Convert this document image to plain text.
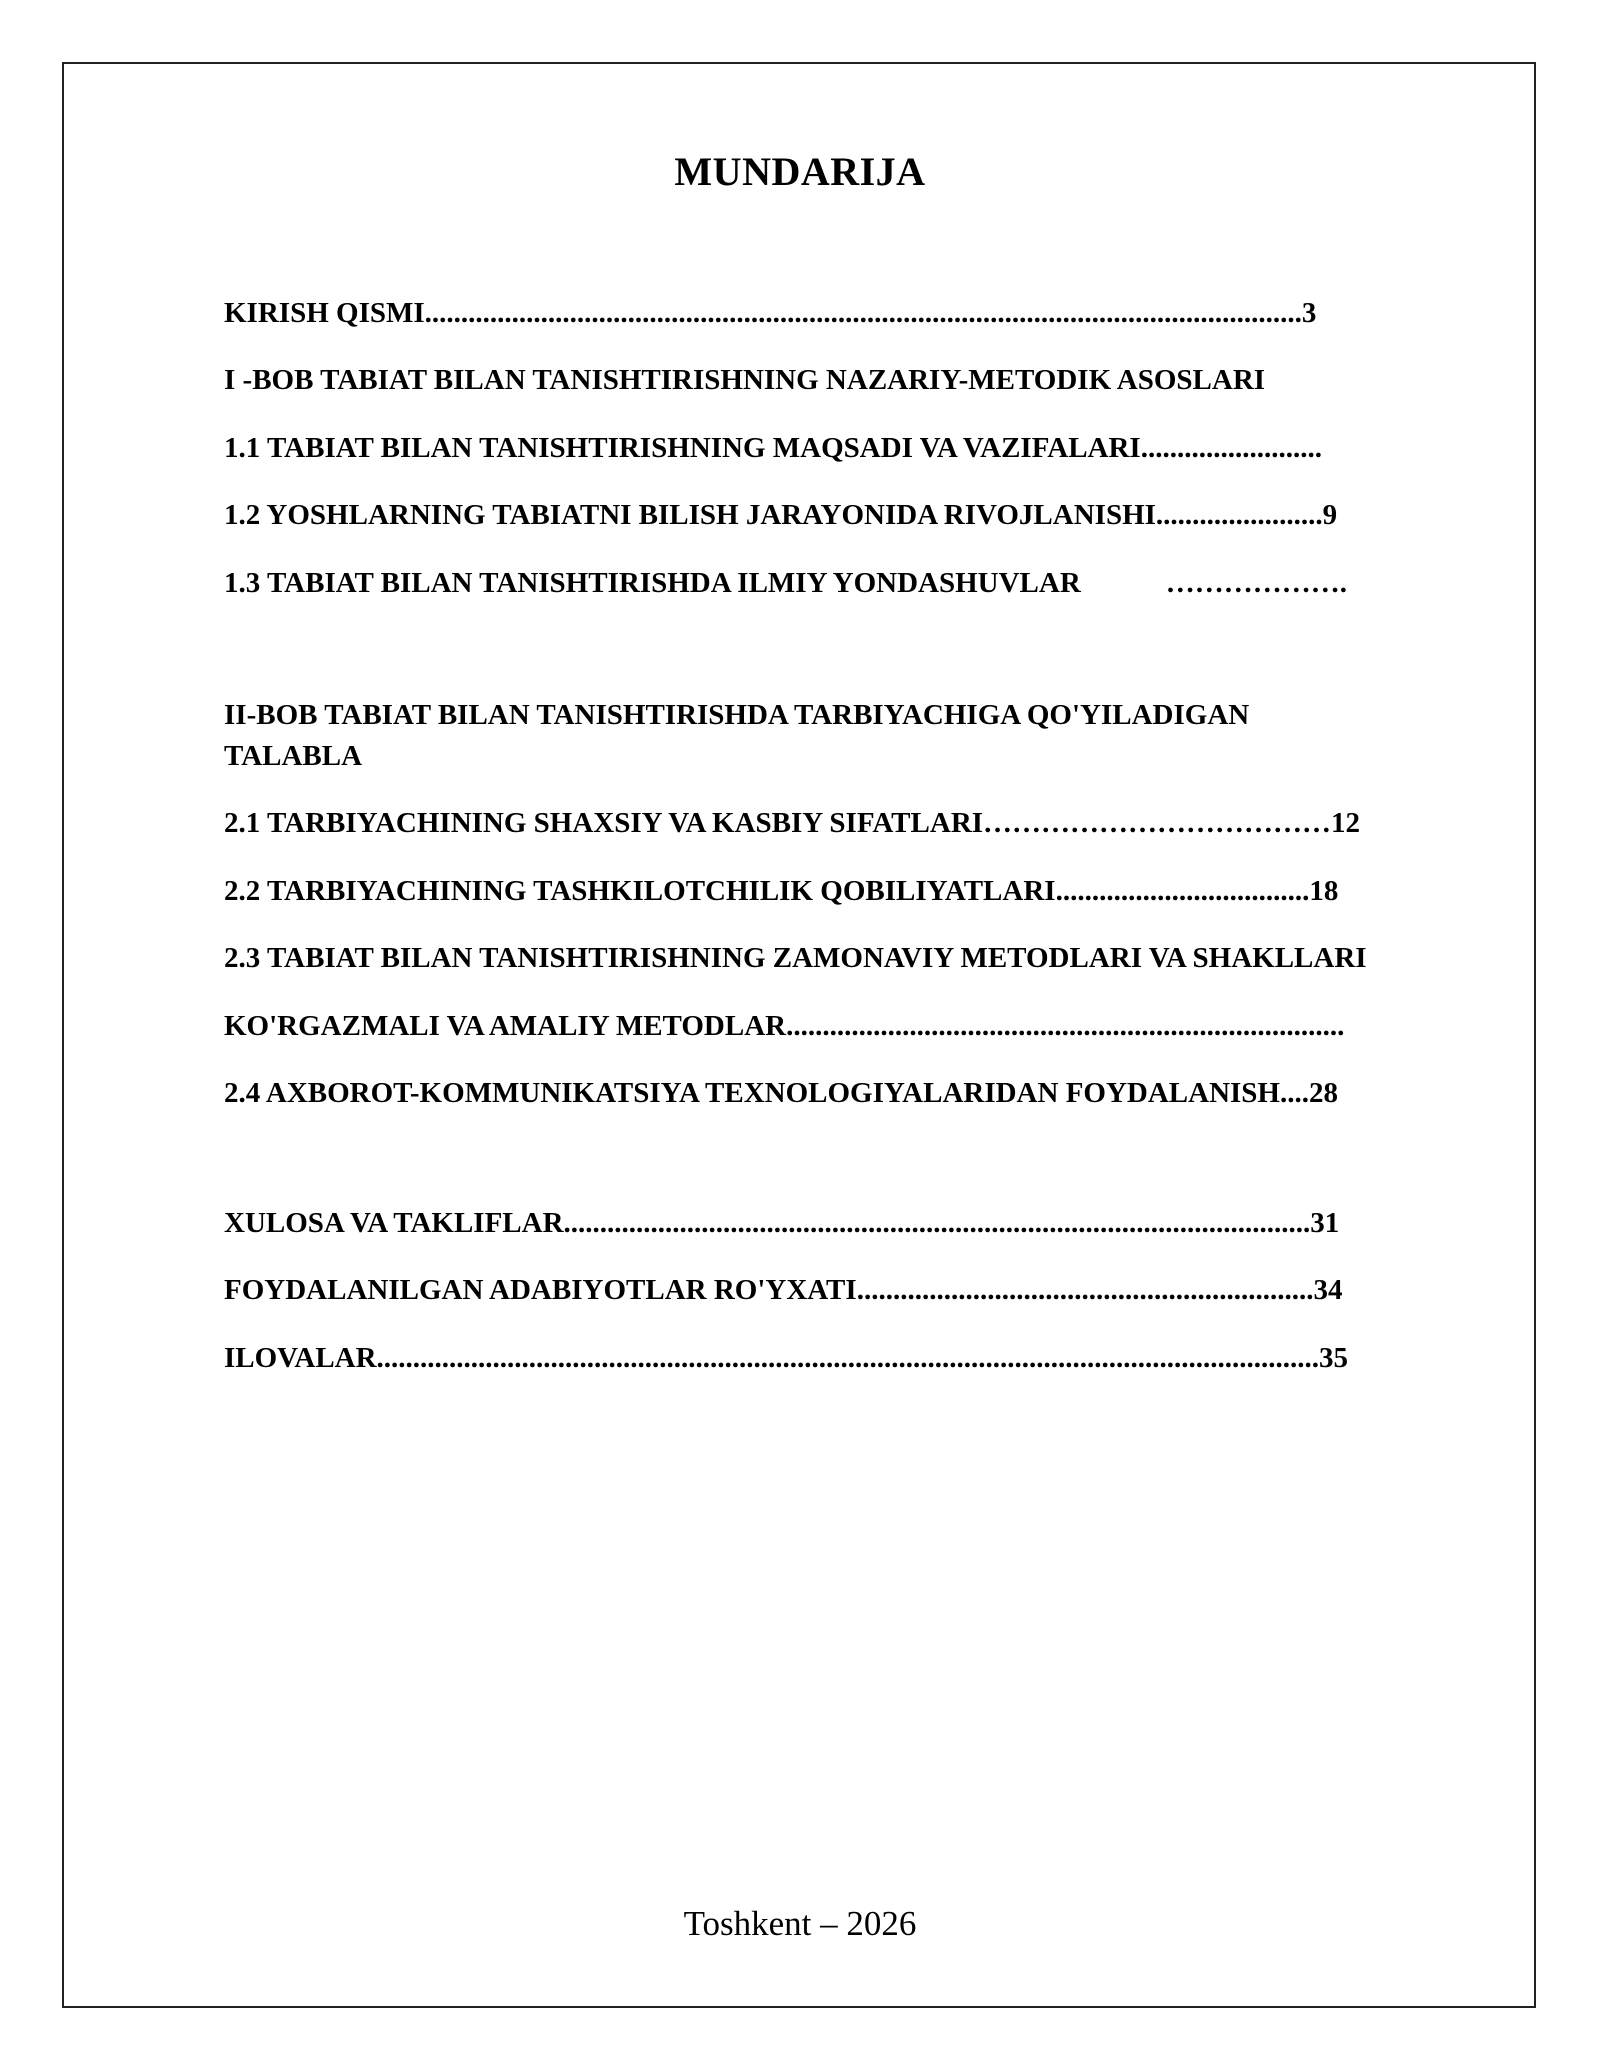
MUNDARIJA
KIRISH QISMI.........................................................................................................................3
I -BOB TABIAT BILAN TANISHTIRISHNING NAZARIY-METODIK ASOSLARI
1.1 TABIAT BILAN TANISHTIRISHNING MAQSADI VA VAZIFALARI.........................
1.2 YOSHLARNING TABIATNI BILISH JARAYONIDA RIVOJLANISHI.......................9
1.3 TABIAT BILAN TANISHTIRISHDA ILMIY YONDASHUVLAR	……………….
II-BOB TABIAT BILAN TANISHTIRISHDA TARBIYACHIGA QO'YILADIGAN TALABLA
2.1 TARBIYACHINING SHAXSIY VA KASBIY SIFATLARI………………………………12
2.2 TARBIYACHINING TASHKILOTCHILIK QOBILIYATLARI...................................18
2.3 TABIAT BILAN TANISHTIRISHNING ZAMONAVIY METODLARI VA SHAKLLARI
KO'RGAZMALI VA AMALIY METODLAR.............................................................................
2.4 AXBOROT-KOMMUNIKATSIYA TEXNOLOGIYALARIDAN FOYDALANISH....28
XULOSA VA TAKLIFLAR.......................................................................................................31
FOYDALANILGAN ADABIYOTLAR RO'YXATI...............................................................34
ILOVALAR..................................................................................................................................35
Toshkent – 2026
